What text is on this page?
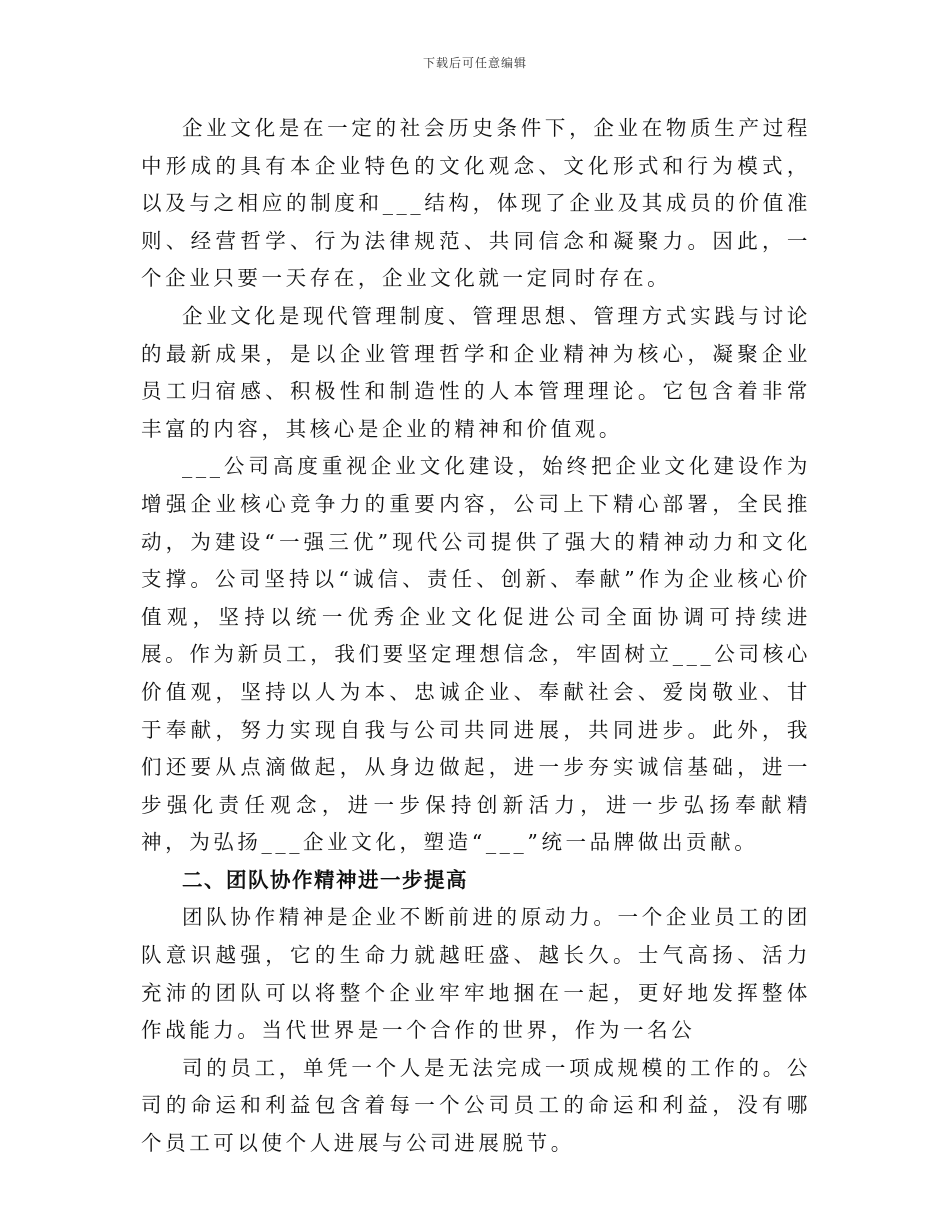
下载后可任意编辑

企业文化是在一定的社会历史条件下，企业在物质生产过程中形成的具有本企业特色的文化观念、文化形式和行为模式，以及与之相应的制度和___结构，体现了企业及其成员的价值准则、经营哲学、行为法律规范、共同信念和凝聚力。因此，一个企业只要一天存在，企业文化就一定同时存在。

企业文化是现代管理制度、管理思想、管理方式实践与讨论的最新成果，是以企业管理哲学和企业精神为核心，凝聚企业员工归宿感、积极性和制造性的人本管理理论。它包含着非常丰富的内容，其核心是企业的精神和价值观。

___公司高度重视企业文化建设，始终把企业文化建设作为增强企业核心竞争力的重要内容，公司上下精心部署，全民推动，为建设“一强三优”现代公司提供了强大的精神动力和文化支撑。公司坚持以“诚信、责任、创新、奉献”作为企业核心价值观，坚持以统一优秀企业文化促进公司全面协调可持续进展。作为新员工，我们要坚定理想信念，牢固树立___公司核心价值观，坚持以人为本、忠诚企业、奉献社会、爱岗敬业、甘于奉献，努力实现自我与公司共同进展，共同进步。此外，我们还要从点滴做起，从身边做起，进一步夯实诚信基础，进一步强化责任观念，进一步保持创新活力，进一步弘扬奉献精神，为弘扬___企业文化，塑造“___”统一品牌做出贡献。

二、团队协作精神进一步提高

团队协作精神是企业不断前进的原动力。一个企业员工的团队意识越强，它的生命力就越旺盛、越长久。士气高扬、活力充沛的团队可以将整个企业牢牢地捆在一起，更好地发挥整体作战能力。当代世界是一个合作的世界，作为一名公

司的员工，单凭一个人是无法完成一项成规模的工作的。公司的命运和利益包含着每一个公司员工的命运和利益，没有哪个员工可以使个人进展与公司进展脱节。
